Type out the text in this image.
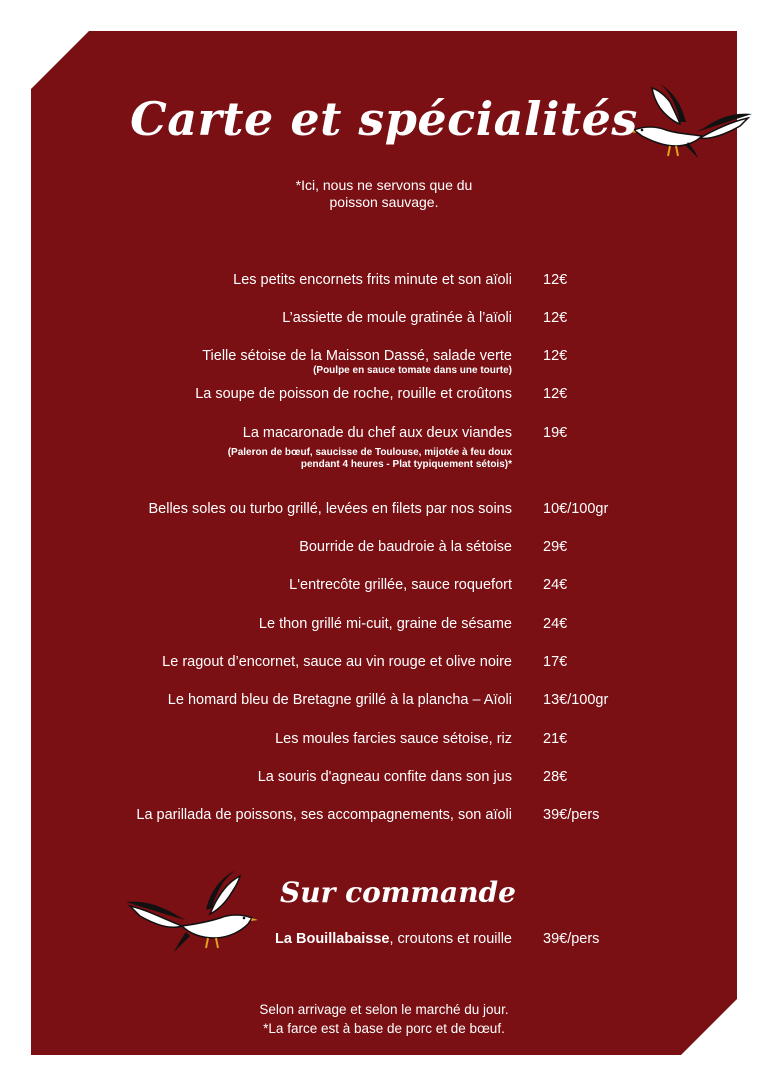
Carte et spécialités
*Ici, nous ne servons que du
poisson sauvage.
Les petits encornets frits minute et son aïoli 12€
L’assiette de moule gratinée à l’aïoli 12€
Tielle sétoise de la Maisson Dassé, salade verte 12€
(Poulpe en sauce tomate dans une tourte)
La soupe de poisson de roche, rouille et croûtons 12€
La macaronade du chef aux deux viandes 19€
(Paleron de bœuf, saucisse de Toulouse, mijotée à feu doux
pendant 4 heures - Plat typiquement sétois)*
Belles soles ou turbo grillé, levées en filets par nos soins 10€/100gr
Bourride de baudroie à la sétoise 29€
L'entrecôte grillée, sauce roquefort 24€
Le thon grillé mi-cuit, graine de sésame 24€
Le ragout d’encornet, sauce au vin rouge et olive noire 17€
Le homard bleu de Bretagne grillé à la plancha – Aïoli 13€/100gr
Les moules farcies sauce sétoise, riz 21€
La souris d'agneau confite dans son jus 28€
La parillada de poissons, ses accompagnements, son aïoli 39€/pers
Sur commande
La Bouillabaisse, croutons et rouille 39€/pers
Selon arrivage et selon le marché du jour.
*La farce est à base de porc et de bœuf.
